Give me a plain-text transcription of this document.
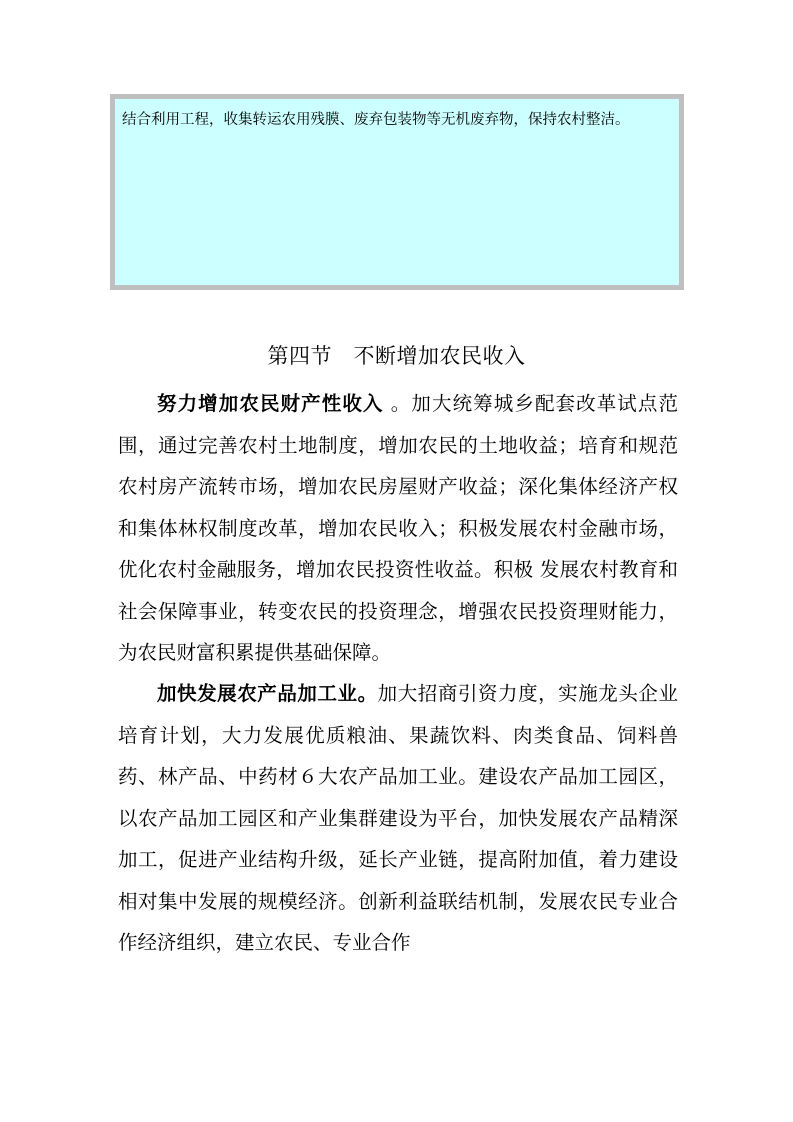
结合利用工程，收集转运农用残膜、废弃包装物等无机废弃物，保持农村整洁。
第四节　不断增加农民收入
努力增加农民财产性收入 。加大统筹城乡配套改革试点范围，通过完善农村土地制度，增加农民的土地收益；培育和规范农村房产流转市场，增加农民房屋财产收益；深化集体经济产权和集体林权制度改革，增加农民收入；积极发展农村金融市场，优化农村金融服务，增加农民投资性收益。积极 发展农村教育和社会保障事业，转变农民的投资理念，增强农民投资理财能力，为农民财富积累提供基础保障。
加快发展农产品加工业。加大招商引资力度，实施龙头企业培育计划，大力发展优质粮油、果蔬饮料、肉类食品、饲料兽药、林产品、中药材６大农产品加工业。建设农产品加工园区，以农产品加工园区和产业集群建设为平台，加快发展农产品精深加工，促进产业结构升级，延长产业链，提高附加值，着力建设相对集中发展的规模经济。创新利益联结机制，发展农民专业合作经济组织，建立农民、专业合作
